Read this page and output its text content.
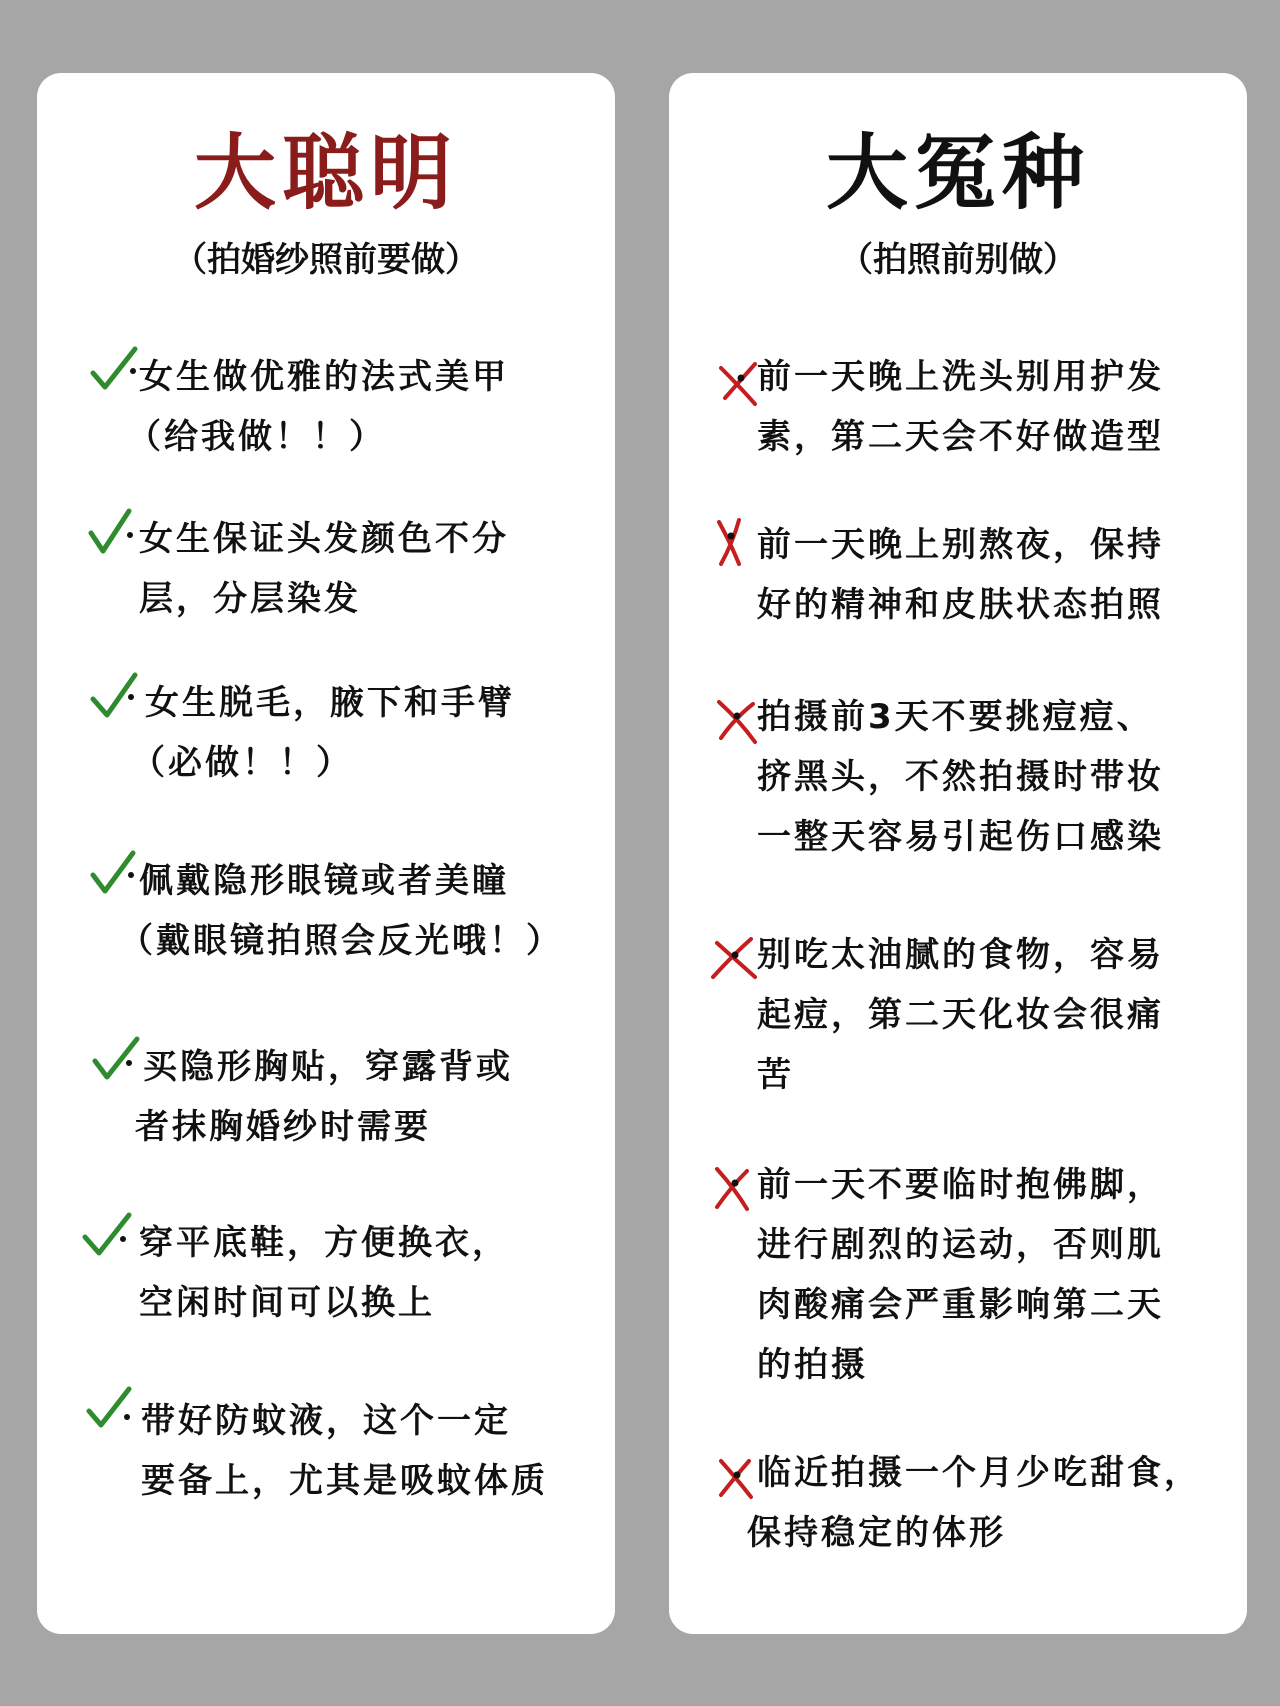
大聪明
（拍婚纱照前要做）
女生做优雅的法式美甲
（给我做！！）
女生保证头发颜色不分
层，分层染发
女生脱毛，腋下和手臂
（必做！！）
佩戴隐形眼镜或者美瞳
（戴眼镜拍照会反光哦！）
买隐形胸贴，穿露背或
者抹胸婚纱时需要
穿平底鞋，方便换衣，
空闲时间可以换上
带好防蚊液，这个一定
要备上，尤其是吸蚊体质
大冤种
（拍照前别做）
前一天晚上洗头别用护发
素，第二天会不好做造型
前一天晚上别熬夜，保持
好的精神和皮肤状态拍照
拍摄前3天不要挑痘痘、
挤黑头，不然拍摄时带妆
一整天容易引起伤口感染
别吃太油腻的食物，容易
起痘，第二天化妆会很痛
苦
前一天不要临时抱佛脚，
进行剧烈的运动，否则肌
肉酸痛会严重影响第二天
的拍摄
临近拍摄一个月少吃甜食，
保持稳定的体形
